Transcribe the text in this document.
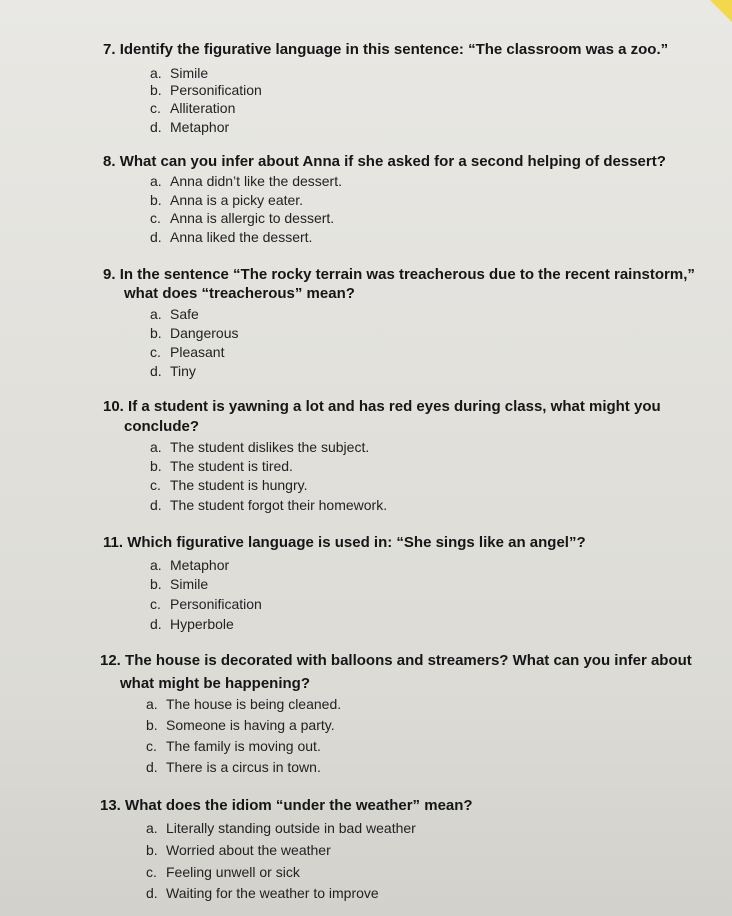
7. Identify the figurative language in this sentence: “The classroom was a zoo.”
a. Simile
b. Personification
c. Alliteration
d. Metaphor
8. What can you infer about Anna if she asked for a second helping of dessert?
a. Anna didn’t like the dessert.
b. Anna is a picky eater.
c. Anna is allergic to dessert.
d. Anna liked the dessert.
9. In the sentence “The rocky terrain was treacherous due to the recent rainstorm,”
what does “treacherous” mean?
a. Safe
b. Dangerous
c. Pleasant
d. Tiny
10. If a student is yawning a lot and has red eyes during class, what might you
conclude?
a. The student dislikes the subject.
b. The student is tired.
c. The student is hungry.
d. The student forgot their homework.
11. Which figurative language is used in: “She sings like an angel”?
a. Metaphor
b. Simile
c. Personification
d. Hyperbole
12. The house is decorated with balloons and streamers? What can you infer about
what might be happening?
a. The house is being cleaned.
b. Someone is having a party.
c. The family is moving out.
d. There is a circus in town.
13. What does the idiom “under the weather” mean?
a. Literally standing outside in bad weather
b. Worried about the weather
c. Feeling unwell or sick
d. Waiting for the weather to improve
